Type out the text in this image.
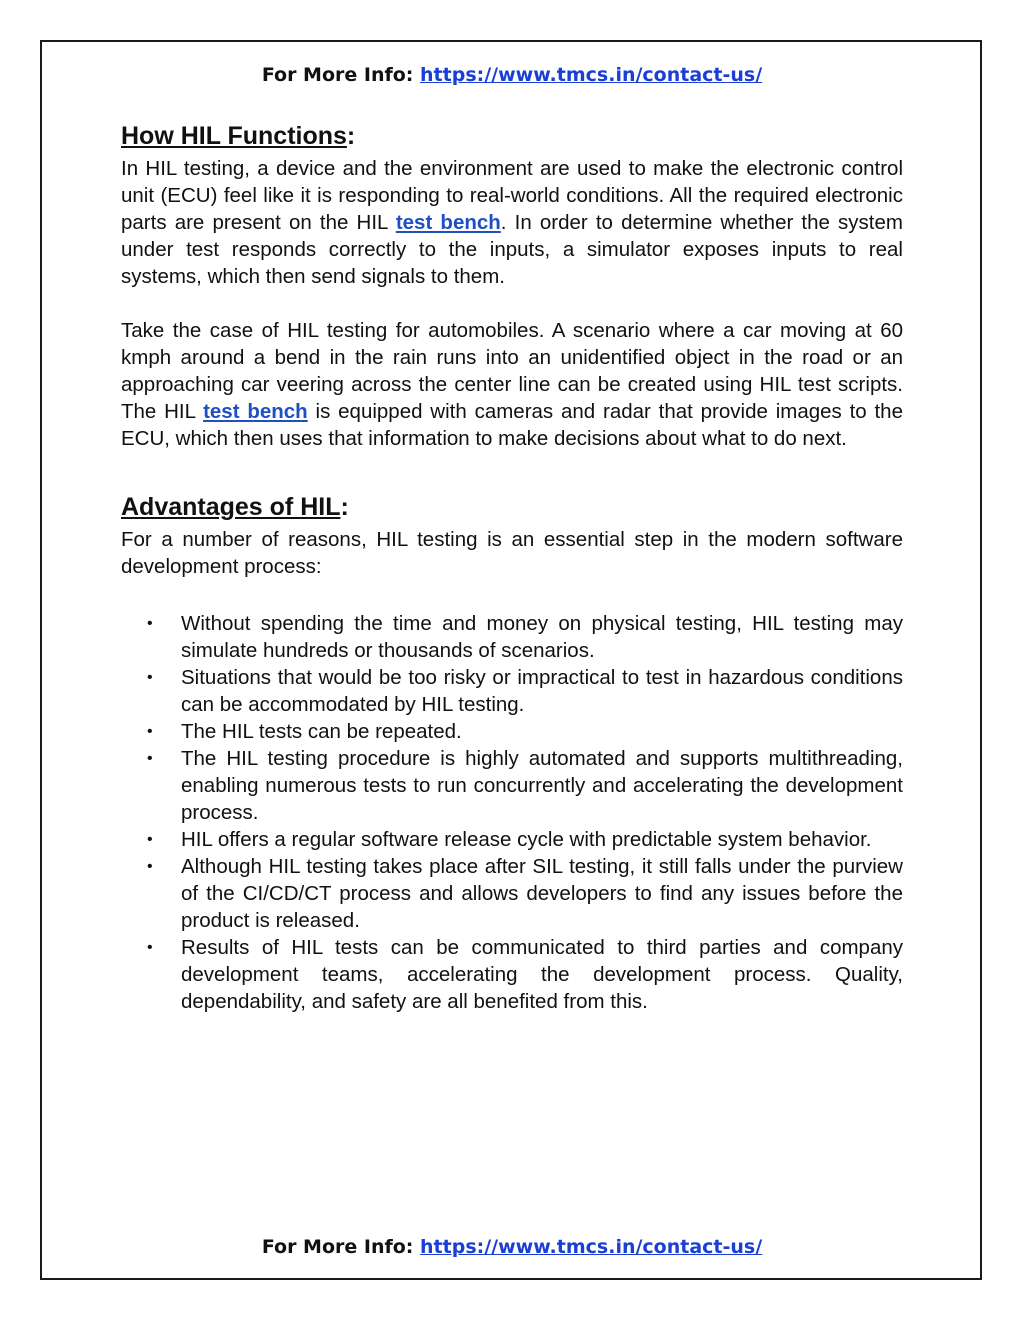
For More Info: https://www.tmcs.in/contact-us/
How HIL Functions:

In HIL testing, a device and the environment are used to make the electronic control unit (ECU) feel like it is responding to real-world conditions. All the required electronic parts are present on the HIL test bench. In order to determine whether the system under test responds correctly to the inputs, a simulator exposes inputs to real systems, which then send signals to them.

Take the case of HIL testing for automobiles. A scenario where a car moving at 60 kmph around a bend in the rain runs into an unidentified object in the road or an approaching car veering across the center line can be created using HIL test scripts. The HIL test bench is equipped with cameras and radar that provide images to the ECU, which then uses that information to make decisions about what to do next.

Advantages of HIL:

For a number of reasons, HIL testing is an essential step in the modern software development process:

• Without spending the time and money on physical testing, HIL testing may simulate hundreds or thousands of scenarios.
• Situations that would be too risky or impractical to test in hazardous conditions can be accommodated by HIL testing.
• The HIL tests can be repeated.
• The HIL testing procedure is highly automated and supports multithreading, enabling numerous tests to run concurrently and accelerating the development process.
• HIL offers a regular software release cycle with predictable system behavior.
• Although HIL testing takes place after SIL testing, it still falls under the purview of the CI/CD/CT process and allows developers to find any issues before the product is released.
• Results of HIL tests can be communicated to third parties and company development teams, accelerating the development process. Quality, dependability, and safety are all benefited from this.
For More Info: https://www.tmcs.in/contact-us/
